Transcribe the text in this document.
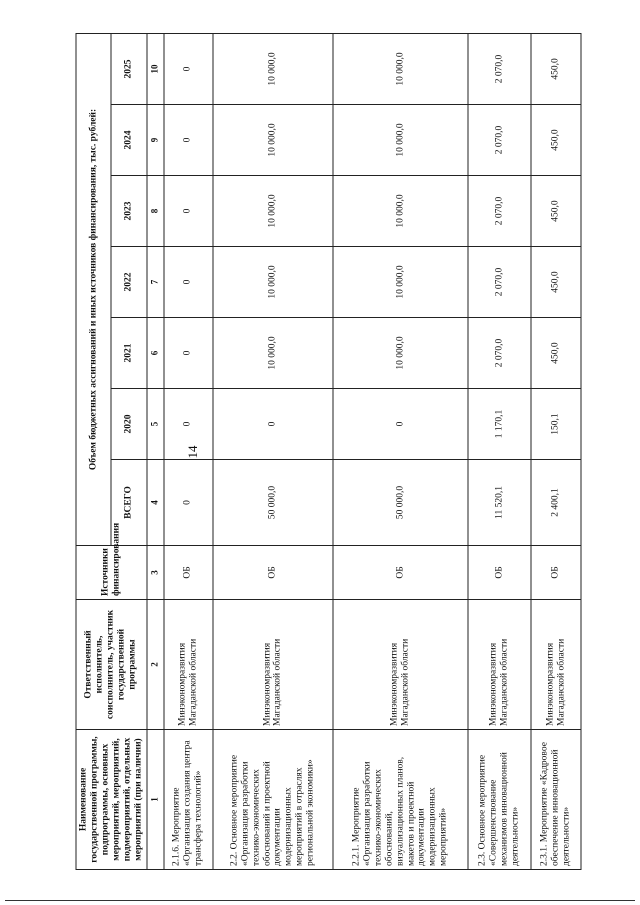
14
Наименование государственной программы, подпрограммы, основных мероприятий, мероприятий, подмероприятий, отдельных мероприятий (при наличии)	Ответственный исполнитель, соисполнитель, участник государственной программы	Источники финансирования	Объем бюджетных ассигнований и иных источников финансирования, тыс. рублей:						
			ВСЕГО	2020	2021	2022	2023	2024	2025
1	2	3	4	5	6	7	8	9	10
2.1.6. Мероприятие «Организация создания центра трансфера технологий»	Минэкономразвития Магаданской области	ОБ	0	0	0	0	0	0	0
2.2. Основное мероприятие «Организация разработки технико-экономических обоснований и проектной документации модернизационных мероприятий в отраслях региональной экономики»	Минэкономразвития Магаданской области	ОБ	50 000,0	0	10 000,0	10 000,0	10 000,0	10 000,0	10 000,0
2.2.1. Мероприятие «Организация разработки технико-экономических обоснований, визуализационных планов, макетов и проектной документации модернизационных мероприятий»	Минэкономразвития Магаданской области	ОБ	50 000,0	0	10 000,0	10 000,0	10 000,0	10 000,0	10 000,0
2.3. Основное мероприятие «Совершенствование механизмов инновационной деятельности»	Минэкономразвития Магаданской области	ОБ	11 520,1	1 170,1	2 070,0	2 070,0	2 070,0	2 070,0	2 070,0
2.3.1. Мероприятие «Кадровое обеспечение инновационной деятельности»	Минэкономразвития Магаданской области	ОБ	2 400,1	150,1	450,0	450,0	450,0	450,0	450,0
